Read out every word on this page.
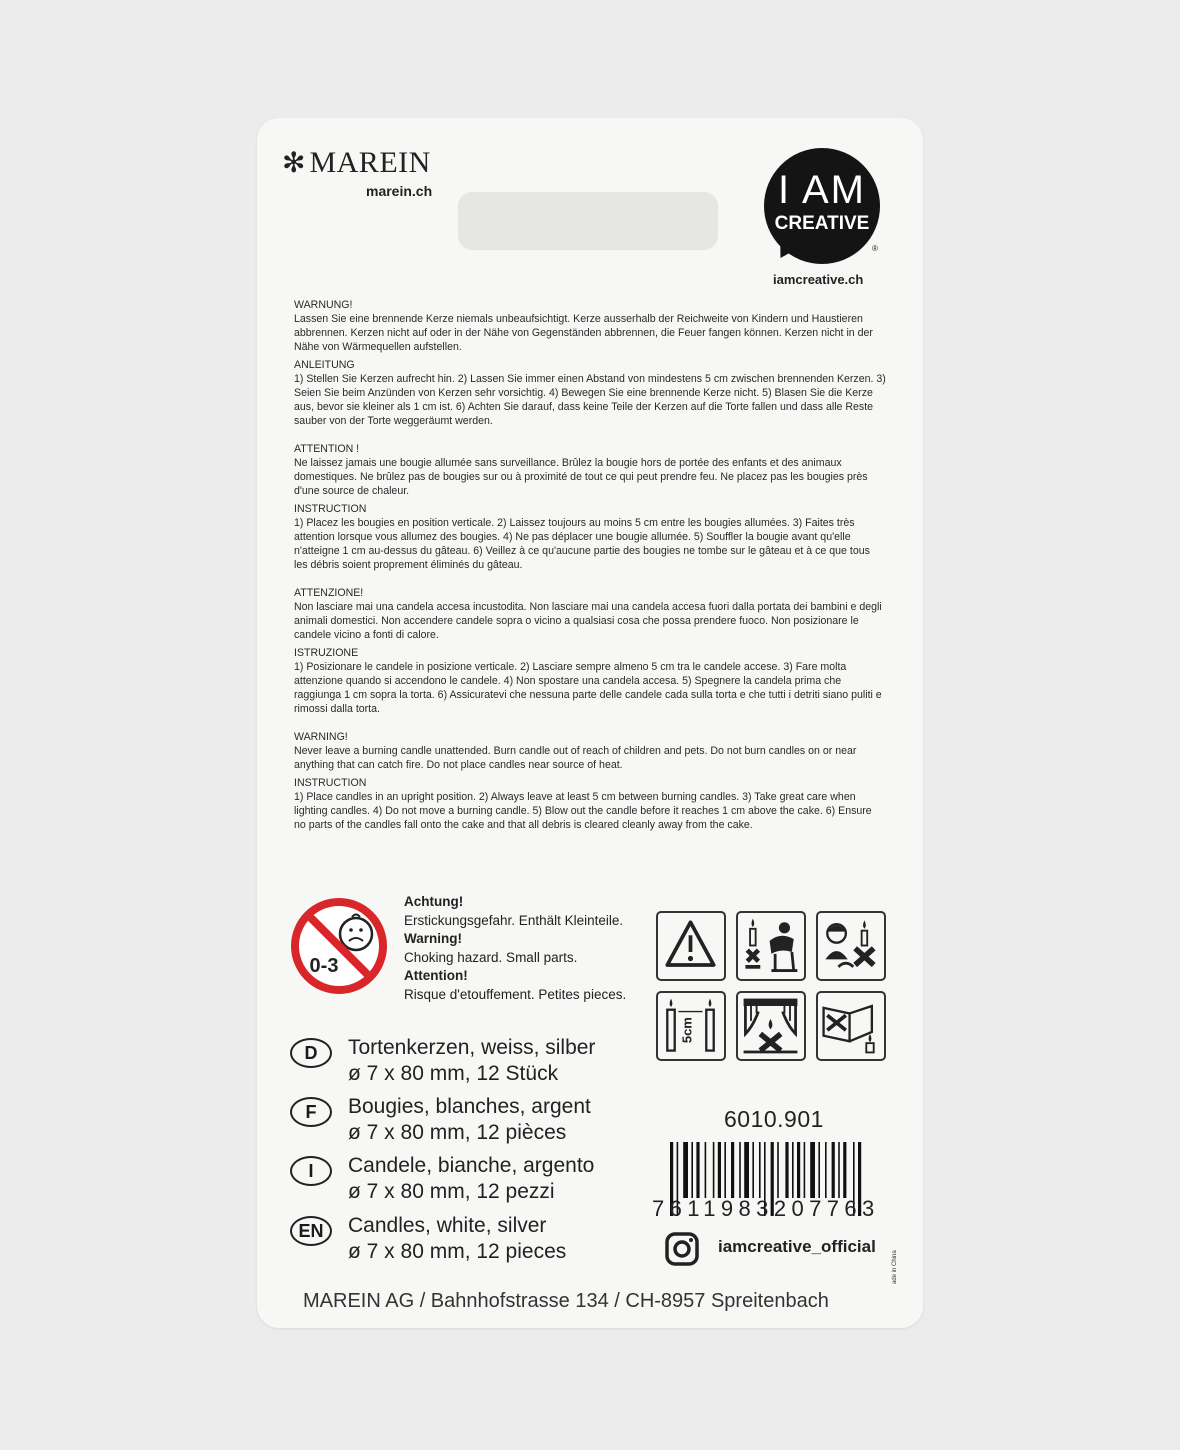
✻ MAREIN
marein.ch	I AM
CREATIVE
®
iamcreative.ch
WARNUNG!

Lassen Sie eine brennende Kerze niemals unbeaufsichtigt. Kerze ausserhalb der Reichweite von Kindern und Haustieren abbrennen. Kerzen nicht auf oder in der Nähe von Gegenständen abbrennen, die Feuer fangen können. Kerzen nicht in der Nähe von Wärmequellen aufstellen.

ANLEITUNG

1) Stellen Sie Kerzen aufrecht hin. 2) Lassen Sie immer einen Abstand von mindestens 5 cm zwischen brennenden Kerzen. 3) Seien Sie beim Anzünden von Kerzen sehr vorsichtig. 4) Bewegen Sie eine brennende Kerze nicht. 5) Blasen Sie die Kerze aus, bevor sie kleiner als 1 cm ist. 6) Achten Sie darauf, dass keine Teile der Kerzen auf die Torte fallen und dass alle Reste sauber von der Torte weggeräumt werden.

ATTENTION !

Ne laissez jamais une bougie allumée sans surveillance. Brûlez la bougie hors de portée des enfants et des animaux domestiques. Ne brûlez pas de bougies sur ou à proximité de tout ce qui peut prendre feu. Ne placez pas les bougies près d'une source de chaleur.

INSTRUCTION

1) Placez les bougies en position verticale. 2) Laissez toujours au moins 5 cm entre les bougies allumées. 3) Faites très attention lorsque vous allumez des bougies. 4) Ne pas déplacer une bougie allumée. 5) Souffler la bougie avant qu'elle n'atteigne 1 cm au-dessus du gâteau. 6) Veillez à ce qu'aucune partie des bougies ne tombe sur le gâteau et à ce que tous les débris soient proprement éliminés du gâteau.

ATTENZIONE!

Non lasciare mai una candela accesa incustodita. Non lasciare mai una candela accesa fuori dalla portata dei bambini e degli animali domestici. Non accendere candele sopra o vicino a qualsiasi cosa che possa prendere fuoco. Non posizionare le candele vicino a fonti di calore.

ISTRUZIONE

1) Posizionare le candele in posizione verticale. 2) Lasciare sempre almeno 5 cm tra le candele accese. 3) Fare molta attenzione quando si accendono le candele. 4) Non spostare una candela accesa. 5) Spegnere la candela prima che raggiunga 1 cm sopra la torta. 6) Assicuratevi che nessuna parte delle candele cada sulla torta e che tutti i detriti siano puliti e rimossi dalla torta.

WARNING!

Never leave a burning candle unattended. Burn candle out of reach of children and pets. Do not burn candles on or near anything that can catch fire. Do not place candles near source of heat.

INSTRUCTION

1) Place candles in an upright position. 2) Always leave at least 5 cm between burning candles. 3) Take great care when lighting candles. 4) Do not move a burning candle. 5) Blow out the candle before it reaches 1 cm above the cake. 6) Ensure no parts of the candles fall onto the cake and that all debris is cleared cleanly away from the cake.

0-3
Achtung!
Erstickungsgefahr. Enthält Kleinteile.
Warning!
Choking hazard. Small parts.
Attention!
Risque d'etouffement. Petites pieces.
5cm
D	Tortenkerzen, weiss, silber
ø 7 x 80 mm, 12 Stück
F	Bougies, blanches, argent
ø 7 x 80 mm, 12 pièces
I	Candele, bianche, argento
ø 7 x 80 mm, 12 pezzi
EN	Candles, white, silver
ø 7 x 80 mm, 12 pieces
6010.901
7611983207763
iamcreative_official
ade in China
MAREIN AG / Bahnhofstrasse 134 / CH-8957 Spreitenbach
